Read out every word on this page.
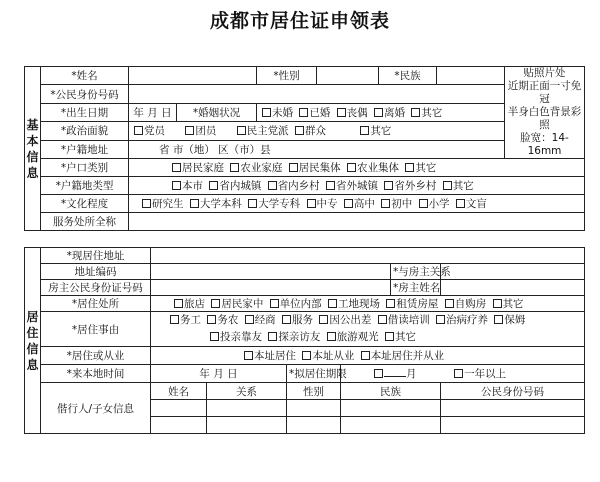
成都市居住证申领表
基本信息	*姓名			*性别		*民族		贴照片处
近期正面一寸免冠
半身白色背景彩照
脸宽：14-16mm

	*公民身份号码							
	*出生日期	年 月 日	*婚姻状况	未婚 已婚 丧偶 离婚 其它				
	*政治面貌	党员 团员 民主党派 群众 其它						
	*户籍地址	省 市（地） 区（市）县						
	*户口类别	居民家庭 农业家庭 居民集体 农业集体 其它						
	*户籍地类型	本市 省内城镇 省内乡村 省外城镇 省外乡村 其它						
	*文化程度	研究生 大学本科 大学专科 中专 高中 初中 小学 文盲						
	服务处所全称							
居住信息	*现居住地址						
	地址编码					*与房主关系	
	房主公民身份证号码					*房主姓名	
	*居住处所	旅店 居民家中 单位内部 工地现场 租赁房屋 自购房 其它					
	*居住事由	务工 务农 经商 服务 因公出差 借读培训 治病疗养 保姆
投亲靠友 探亲访友 旅游观光 其它					

	*居住或从业	本址居住 本址从业 本址居住并从业					
	*来本地时间	年 月 日		*拟居住期限	月 一年以上		
	偕行人/子女信息	姓名	关系	性别	民族		公民身份号码
